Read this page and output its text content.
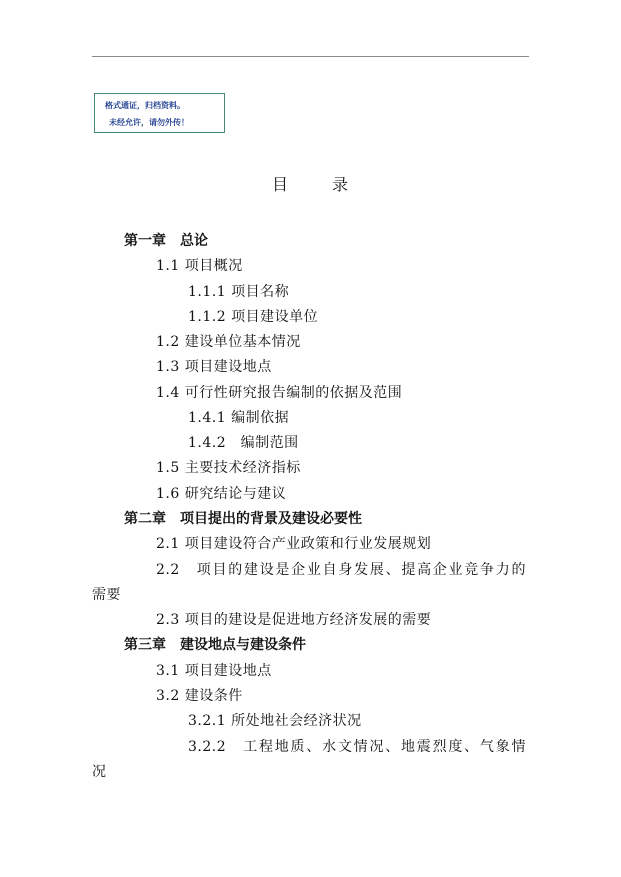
格式通证，归档资料。
未经允许，请勿外传！
目录
第一章　总论
1.1 项目概况
1.1.1 项目名称
1.1.2 项目建设单位
1.2 建设单位基本情况
1.3 项目建设地点
1.4 可行性研究报告编制的依据及范围
1.4.1 编制依据
1.4.2　编制范围
1.5 主要技术经济指标
1.6 研究结论与建议
第二章　项目提出的背景及建设必要性
2.1 项目建设符合产业政策和行业发展规划
2.2　项目的建设是企业自身发展、提高企业竞争力的
需要
2.3 项目的建设是促进地方经济发展的需要
第三章　建设地点与建设条件
3.1 项目建设地点
3.2 建设条件
3.2.1 所处地社会经济状况
3.2.2　工程地质、水文情况、地震烈度、气象情
况
